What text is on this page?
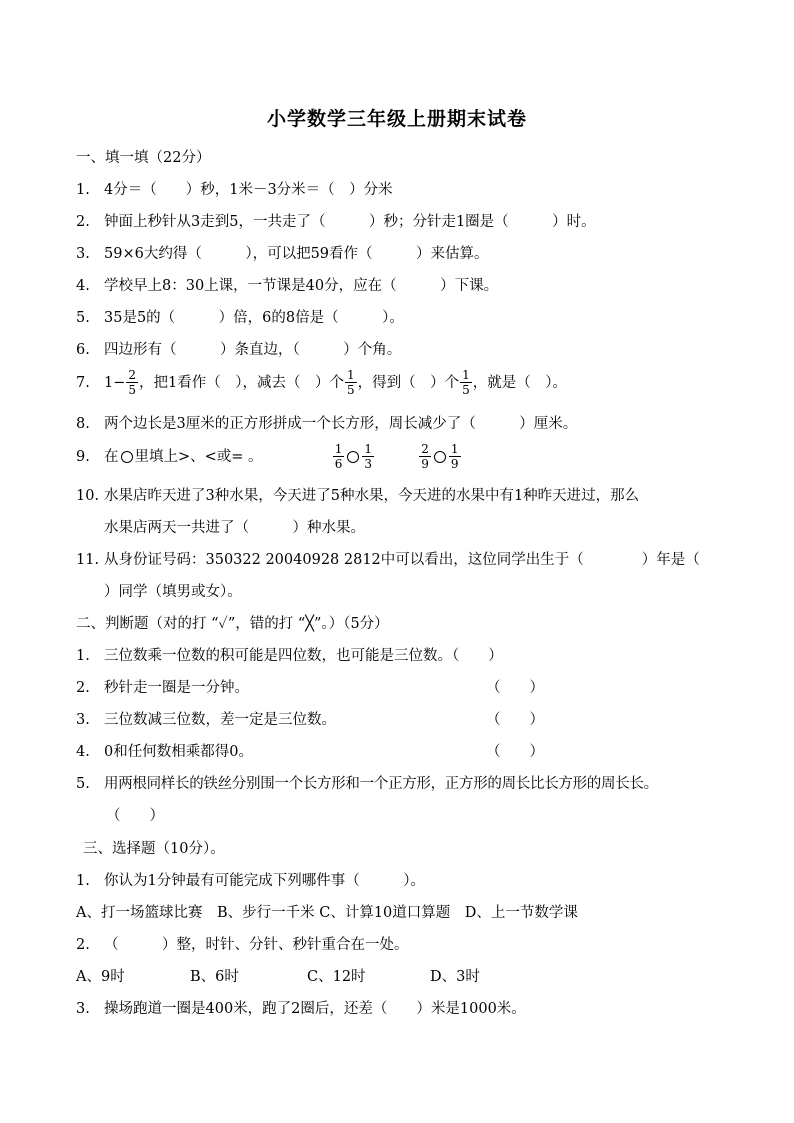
小学数学三年级上册期末试卷
一、填一填（22分）
1. 4分＝（　　）秒，1米－3分米＝（　）分米
2. 钟面上秒针从3走到5，一共走了（　　　）秒；分针走1圈是（　　　）时。
3. 59×6大约得（　　　），可以把59看作（　　　）来估算。
4. 学校早上8：30上课，一节课是40分，应在（　　　）下课。
5. 35是5的（　　　）倍，6的8倍是（　　　）。
6. 四边形有（　　　）条直边，（　　　）个角。
7. $1- \frac{2}{5}$ ，把1看作（　），减去（　）个 $\frac{1}{5}$ ，得到（　）个 $\frac{1}{5}$ ，就是（　）。
8. 两个边长是3厘米的正方形拼成一个长方形，周长减少了（　　　）厘米。
9. 在 里填上>、<或= 。	$\frac{1}{6} \frac{1}{3}$
	$\frac{2}{9} \frac{1}{9}$
10. 水果店昨天进了3种水果，今天进了5种水果，今天进的水果中有1种昨天进过，那么
水果店两天一共进了（　　　）种水果。
11. 从身份证号码：350322 20040928 2812中可以看出，这位同学出生于（　　　　）年是（
）同学（填男或女）。
二、判断题（对的打 “✓”，错的打 “╳”。）（5分）
1. 三位数乘一位数的积可能是四位数，也可能是三位数。（　　）
2. 秒针走一圈是一分钟。	（　　）
3. 三位数减三位数，差一定是三位数。	（　　）
4. 0和任何数相乘都得0。	（　　）
5. 用两根同样长的铁丝分别围一个长方形和一个正方形，正方形的周长比长方形的周长长。
（　　）
三、选择题（10分）。
1. 你认为1分钟最有可能完成下列哪件事（　　　）。
A、打一场篮球比赛　B、步行一千米 C、计算10道口算题　D、上一节数学课
2. （　　　）整，时针、分针、秒针重合在一处。
A、9时	B、6时	C、12时	D、3时
3. 操场跑道一圈是400米，跑了2圈后，还差（　　）米是1000米。
